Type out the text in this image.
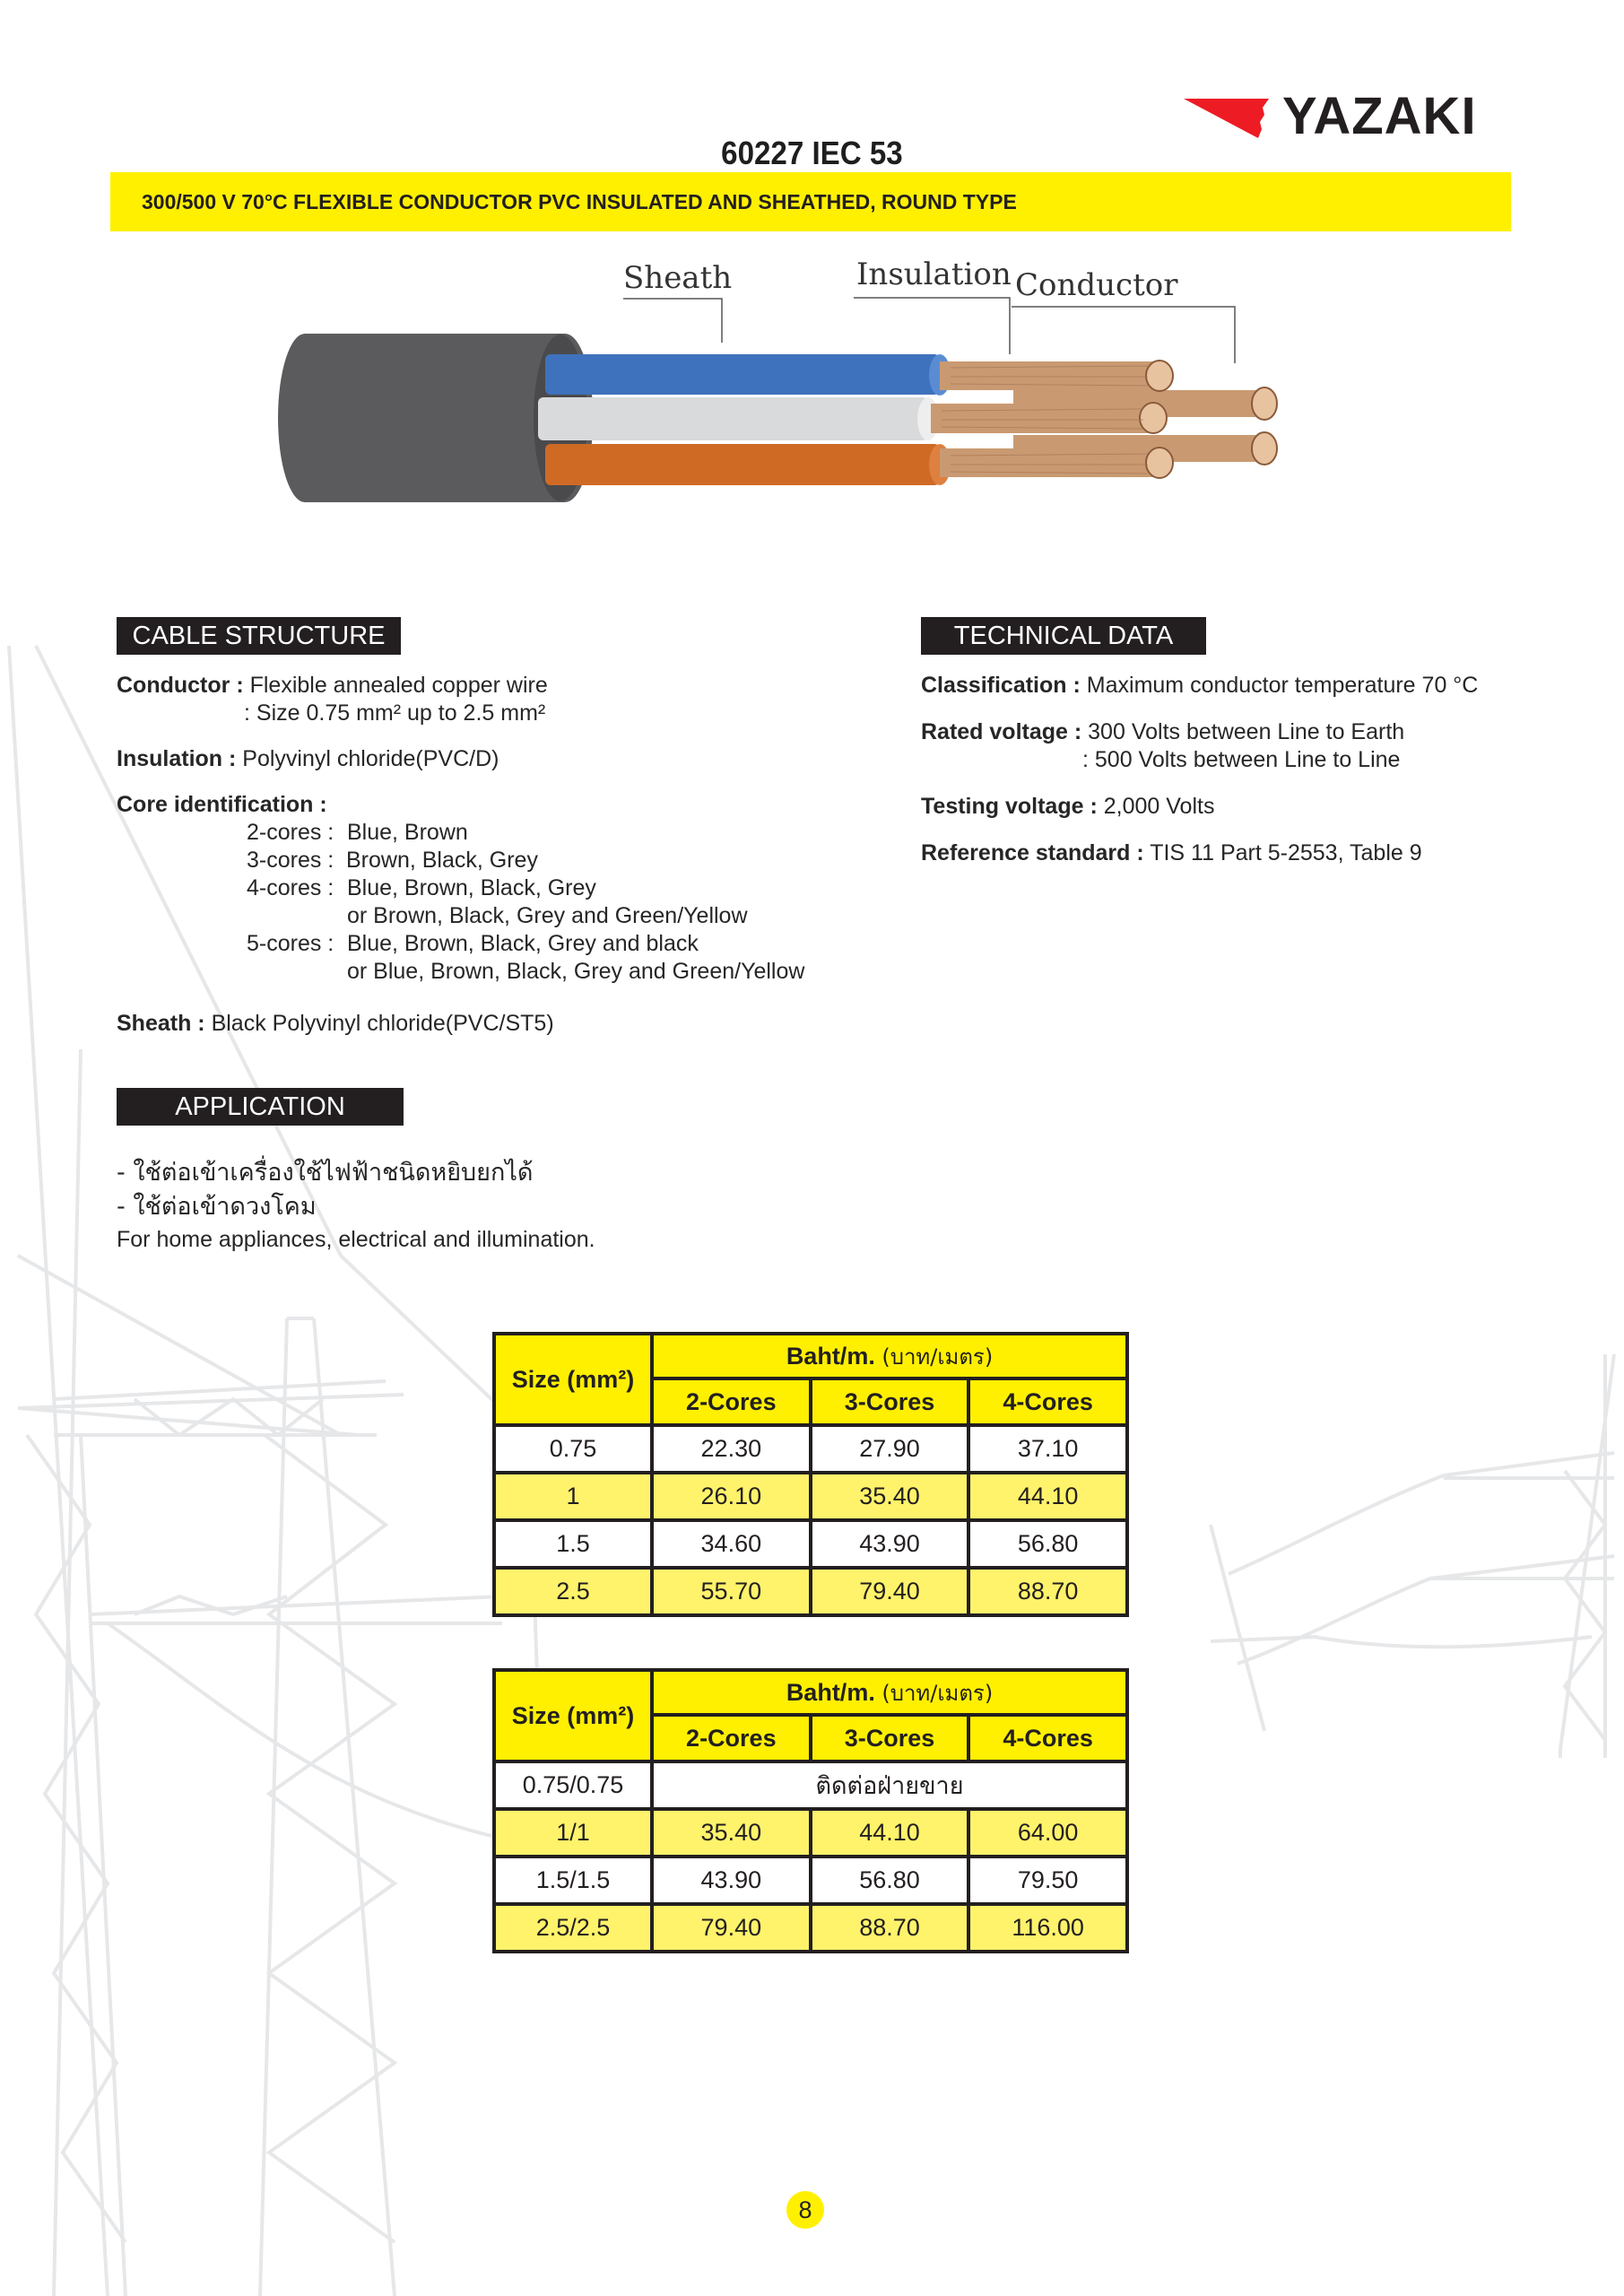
YAZAKI
60227 IEC 53
300/500 V 70°C FLEXIBLE CONDUCTOR PVC INSULATED AND SHEATHED, ROUND TYPE
Sheath	Insulation Conductor
CABLE STRUCTURE
Conductor : Flexible annealed copper wire
: Size 0.75 mm² up to 2.5 mm²
Insulation : Polyvinyl chloride(PVC/D)
Core identification :
2-cores : Blue, Brown
3-cores : Brown, Black, Grey
4-cores : Blue, Brown, Black, Grey
or Brown, Black, Grey and Green/Yellow
5-cores : Blue, Brown, Black, Grey and black
or Blue, Brown, Black, Grey and Green/Yellow
Sheath : Black Polyvinyl chloride(PVC/ST5)
TECHNICAL DATA
Classification : Maximum conductor temperature 70 °C
Rated voltage : 300 Volts between Line to Earth
: 500 Volts between Line to Line
Testing voltage : 2,000 Volts
Reference standard : TIS 11 Part 5-2553, Table 9
APPLICATION
- ใช้ต่อเข้าเครื่องใช้ไฟฟ้าชนิดหยิบยกได้
- ใช้ต่อเข้าดวงโคม
For home appliances, electrical and illumination.
Size (mm²)	Baht/m. (บาท/เมตร)		
	2-Cores	3-Cores	4-Cores
0.75	22.30	27.90	37.10
1	26.10	35.40	44.10
1.5	34.60	43.90	56.80
2.5	55.70	79.40	88.70
Size (mm²)	Baht/m. (บาท/เมตร)		
	2-Cores	3-Cores	4-Cores
0.75/0.75	ติดต่อฝ่ายขาย		
1/1	35.40	44.10	64.00
1.5/1.5	43.90	56.80	79.50
2.5/2.5	79.40	88.70	116.00
8
